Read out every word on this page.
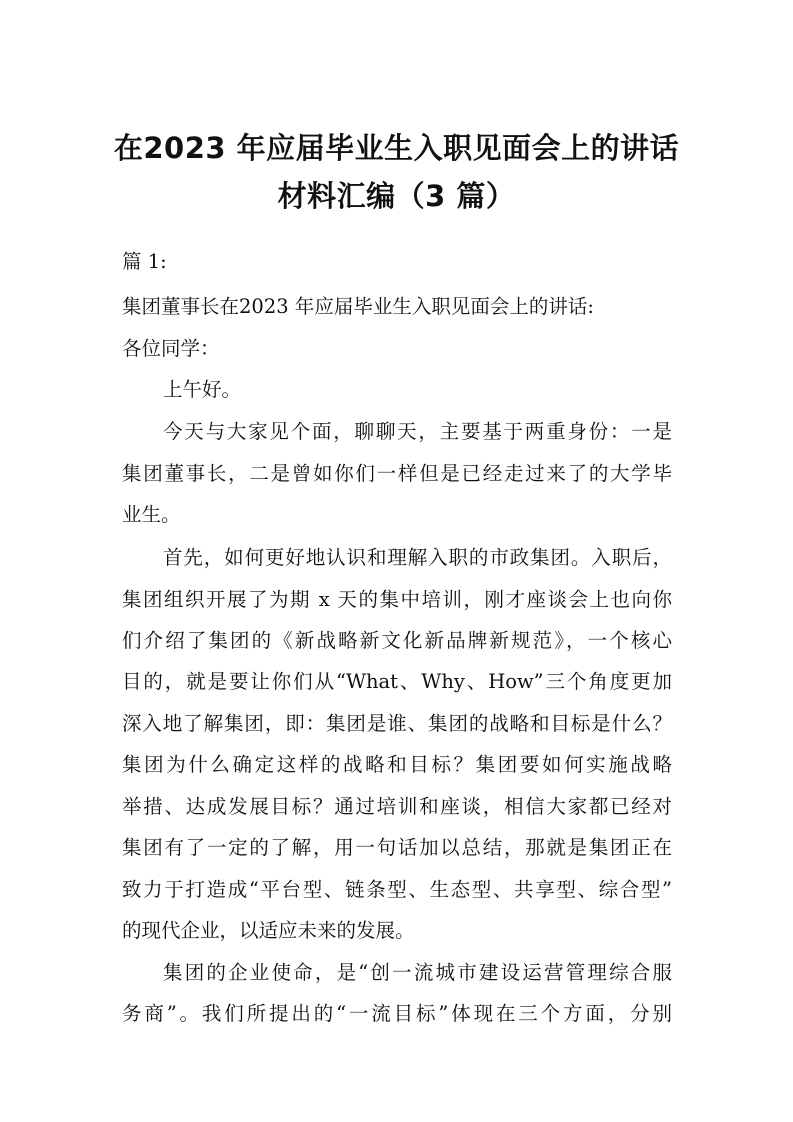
在2023 年应届毕业生入职见面会上的讲话
材料汇编（3 篇）
篇 1:
集团董事长在2023 年应届毕业生入职见面会上的讲话:
各位同学：
上午好。
今天与大家见个面，聊聊天，主要基于两重身份：一是
集团董事长，二是曾如你们一样但是已经走过来了的大学毕
业生。
首先，如何更好地认识和理解入职的市政集团。入职后，
集团组织开展了为期 x 天的集中培训，刚才座谈会上也向你
们介绍了集团的《新战略新文化新品牌新规范》，一个核心
目的，就是要让你们从“What、Why、How”三个角度更加
深入地了解集团，即：集团是谁、集团的战略和目标是什么？
集团为什么确定这样的战略和目标？集团要如何实施战略
举措、达成发展目标？通过培训和座谈，相信大家都已经对
集团有了一定的了解，用一句话加以总结，那就是集团正在
致力于打造成“平台型、链条型、生态型、共享型、综合型”
的现代企业，以适应未来的发展。
集团的企业使命，是“创一流城市建设运营管理综合服
务商”。我们所提出的“一流目标”体现在三个方面，分别
